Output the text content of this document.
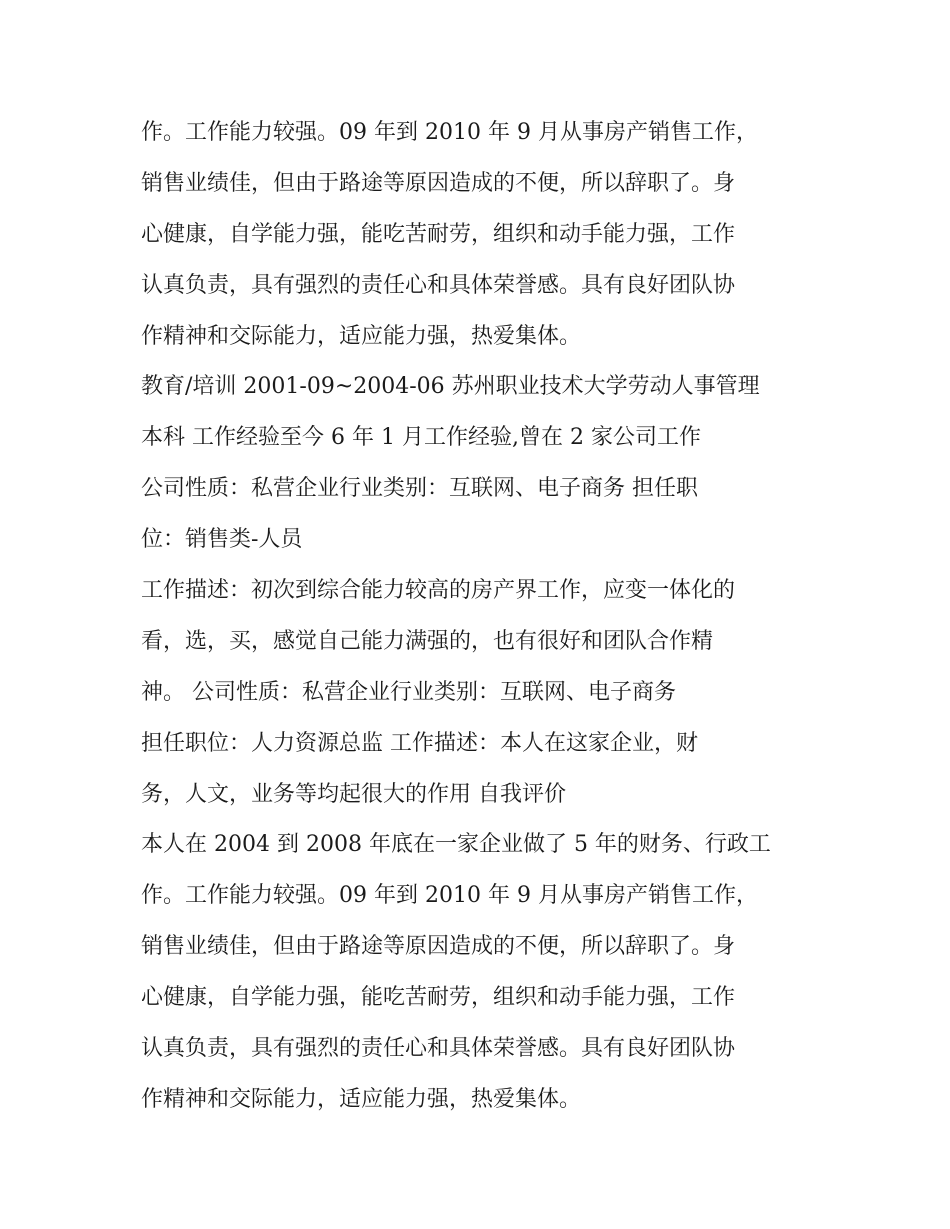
作。工作能力较强。09 年到 2010 年 9 月从事房产销售工作，
销售业绩佳，但由于路途等原因造成的不便，所以辞职了。身
心健康，自学能力强，能吃苦耐劳，组织和动手能力强，工作
认真负责，具有强烈的责任心和具体荣誉感。具有良好团队协
作精神和交际能力，适应能力强，热爱集体。
教育/培训 2001-09~2004-06 苏州职业技术大学劳动人事管理
本科 工作经验至今 6 年 1 月工作经验,曾在 2 家公司工作
公司性质：私营企业行业类别：互联网、电子商务 担任职
位：销售类-人员
工作描述：初次到综合能力较高的房产界工作，应变一体化的
看，选，买，感觉自己能力满强的，也有很好和团队合作精
神。 公司性质：私营企业行业类别：互联网、电子商务
担任职位：人力资源总监 工作描述：本人在这家企业，财
务，人文，业务等均起很大的作用 自我评价
本人在 2004 到 2008 年底在一家企业做了 5 年的财务、行政工
作。工作能力较强。09 年到 2010 年 9 月从事房产销售工作，
销售业绩佳，但由于路途等原因造成的不便，所以辞职了。身
心健康，自学能力强，能吃苦耐劳，组织和动手能力强，工作
认真负责，具有强烈的责任心和具体荣誉感。具有良好团队协
作精神和交际能力，适应能力强，热爱集体。
